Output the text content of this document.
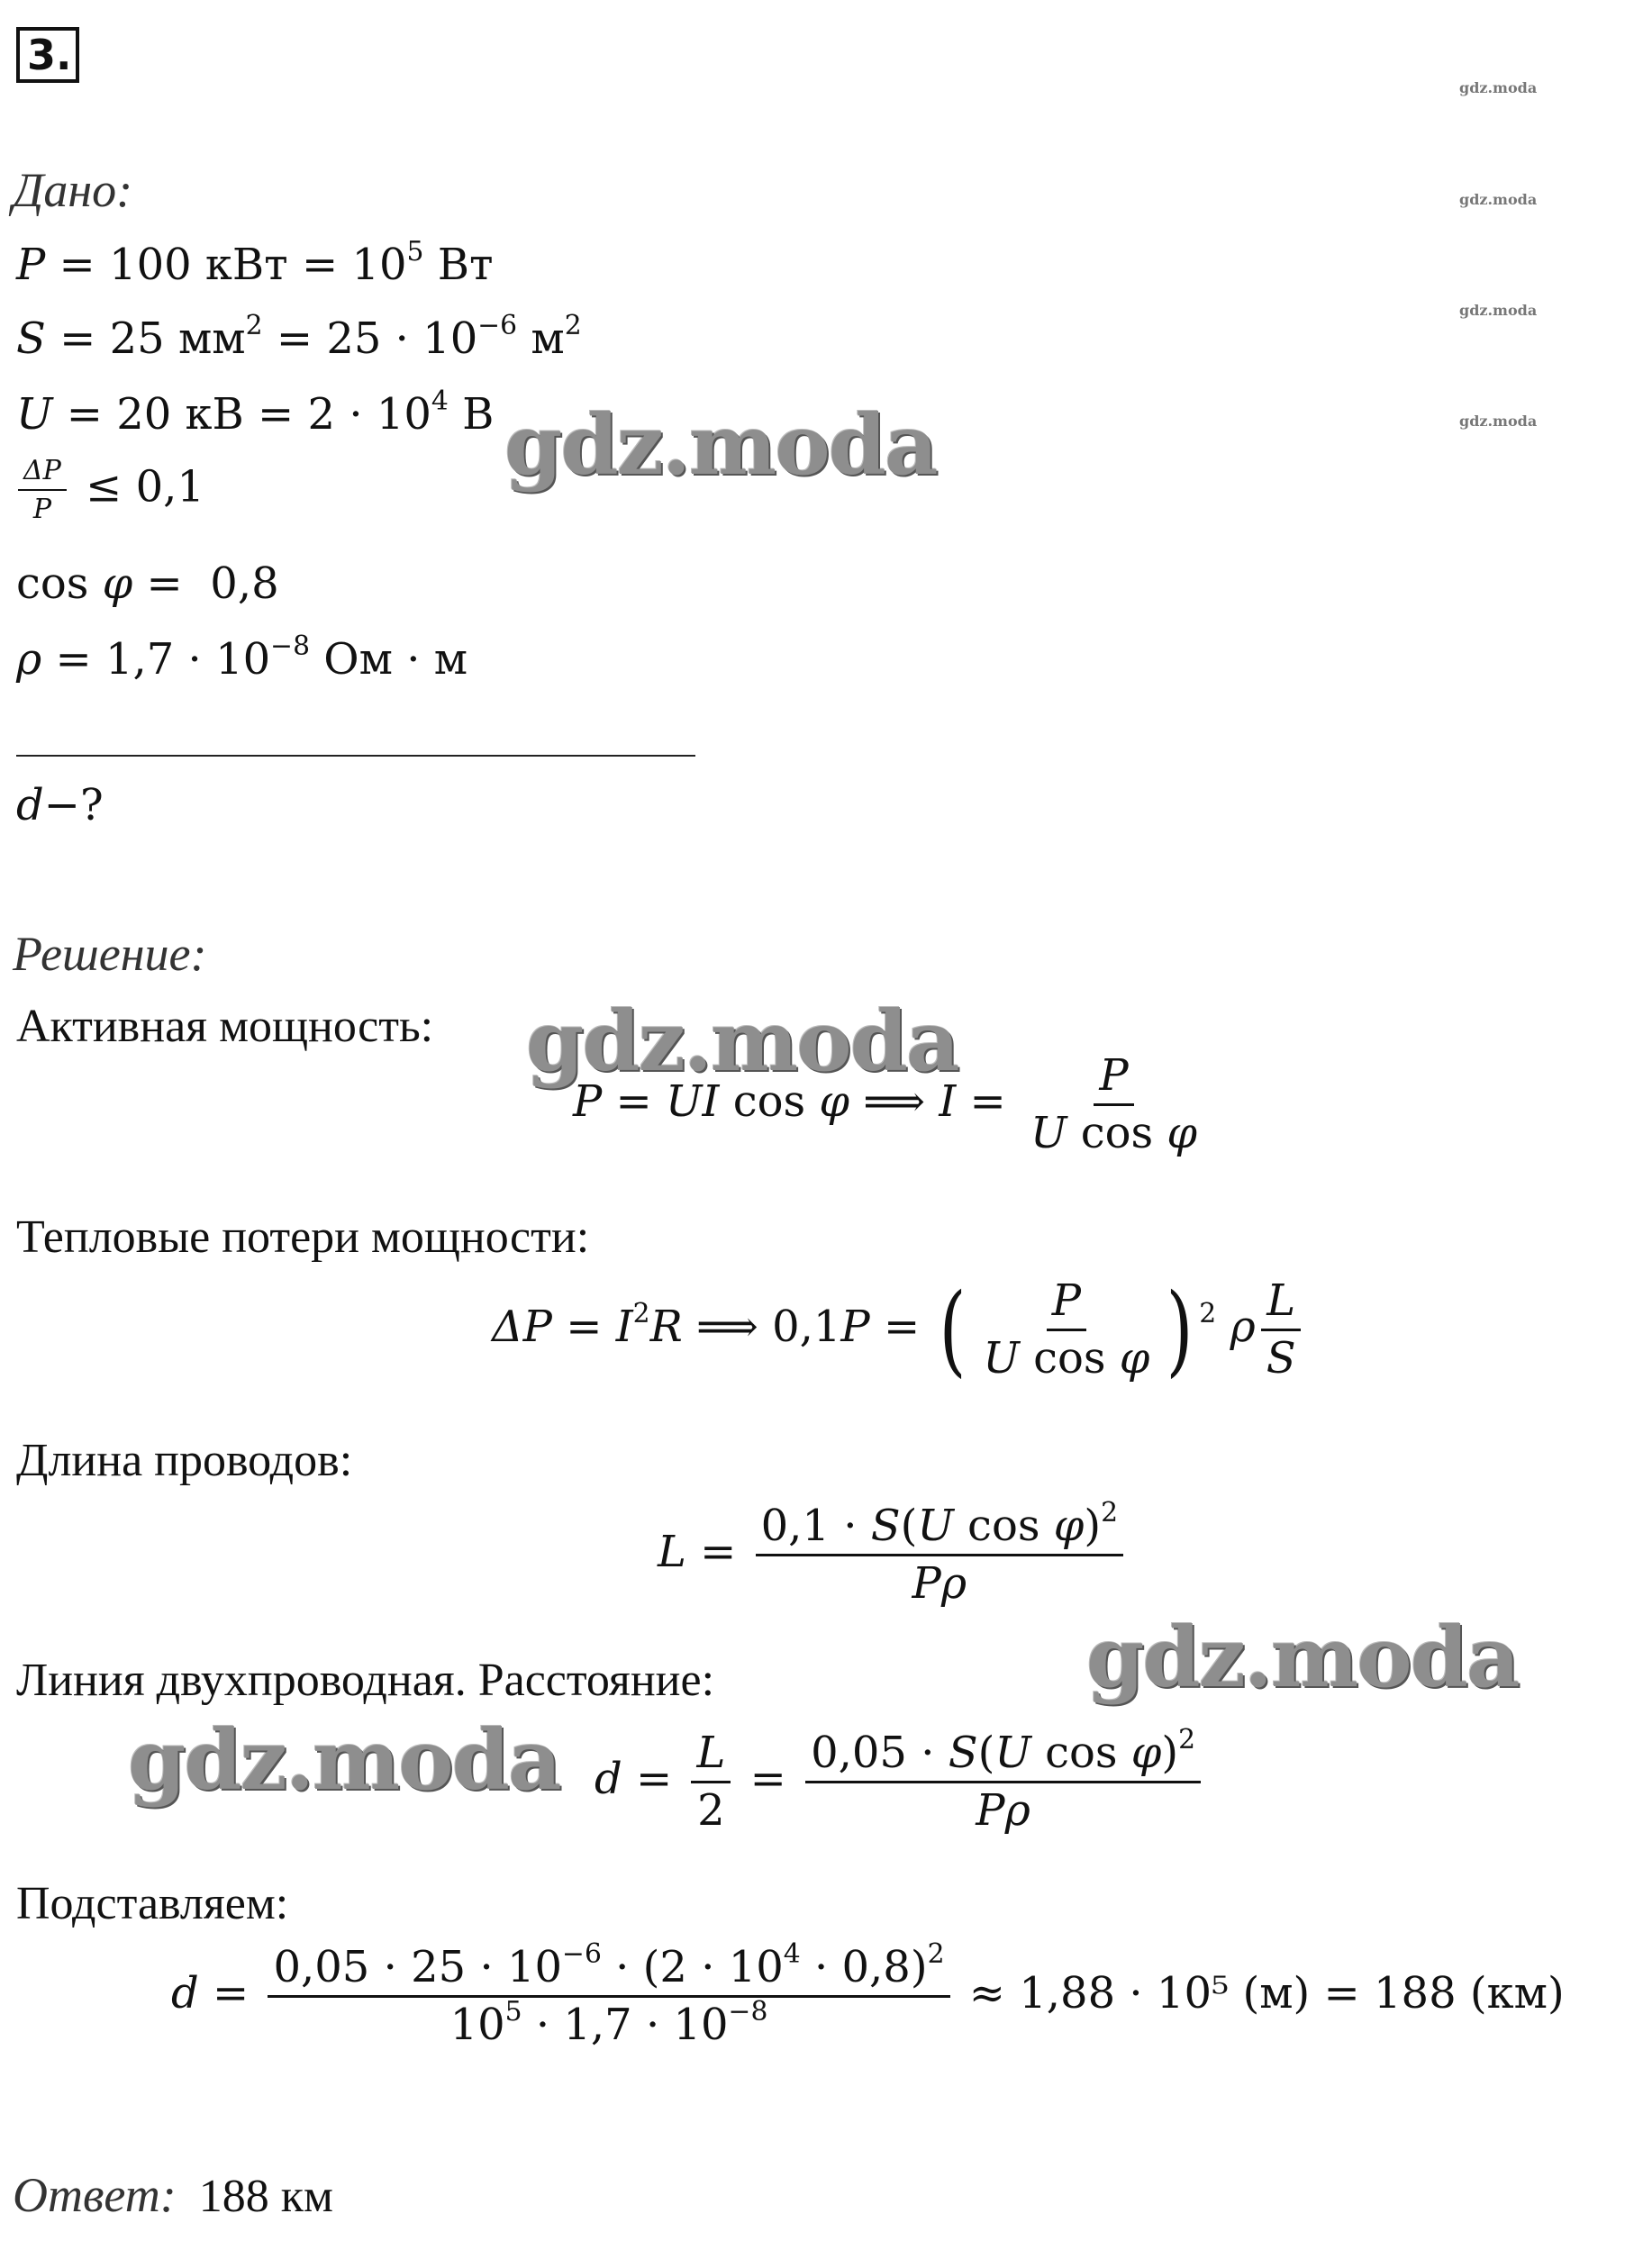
3.
gdz.moda
gdz.moda
gdz.moda
gdz.moda
Дано:
P = 100 кВт = $10^5$ Вт
S = 25 $мм^2 = 25 \cdot 10^{-6}$ $м^2$
U = 20 кВ = $2 \cdot 10^4$ В
$\frac{\Delta P}{P} \le 0,1$
cos φ =  0,8
$\rho = 1,7 \cdot 10^{-8}$ Ом · м
d−?
Решение:
Активная мощность:
P = UI cos φ ⟹ $I = \frac{P}{\text{U cos φ}}$
Тепловые потери мощности:
$\Delta P = I^2R$ ⟹ 0,1P = ( $\frac{P}{\text{U cos φ}}$ ) $^2$ ρ $\frac{L}{S}$
Длина проводов:
$L = \frac{0,1 \cdot S(U \cos \varphi)^2}{P\rho}$
Линия двухпроводная. Расстояние:
$d = \frac{L}{2} = \frac{0,05 \cdot S(U \cos \varphi)^2}{P\rho}$
Подставляем:
$d = \frac{0,05 \cdot 25 \cdot 10^{-6} \cdot (2 \cdot 10^4 \cdot 0,8)^2}{10^5 \cdot 1,7 \cdot 10^{-8}} \approx 1,88 \cdot 10^5$ (м) = 188 (км)
Ответ: 188 км
gdz.moda
gdz.moda
gdz.moda
gdz.moda
